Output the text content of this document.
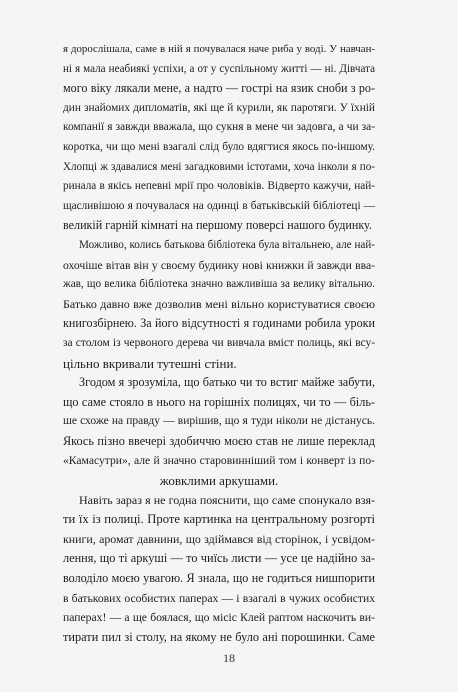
я дорослішала, саме в ній я почувалася наче риба у воді. У навчан-
ні я мала неабиякі успіхи, а от у суспільному житті — ні. Дівчата
мого віку лякали мене, а надто — гострі на язик сноби з ро-
дин знайомих дипломатів, які ще й курили, як паротяги. У їхній
компанії я завжди вважала, що сукня в мене чи задовга, а чи за-
коротка, чи що мені взагалі слід було вдягтися якось по-іншому.
Хлопці ж здавалися мені загадковими істотами, хоча інколи я по-
ринала в якісь непевні мрії про чоловіків. Відверто кажучи, най-
щасливішою я почувалася на одинці в батьківській бібліотеці —
великій гарній кімнаті на першому поверсі нашого будинку.
Можливо, колись батькова бібліотека була вітальнею, але най-
охочіше вітав він у своєму будинку нові книжки й завжди вва-
жав, що велика бібліотека значно важливіша за велику вітальню.
Батько давно вже дозволив мені вільно користуватися своєю
книгозбірнею. За його відсутності я годинами робила уроки
за столом із червоного дерева чи вивчала вміст полиць, які всу-
цільно вкривали тутешні стіни.
Згодом я зрозуміла, що батько чи то встиг майже забути,
що саме стояло в нього на горішніх полицях, чи то — біль-
ше схоже на правду — вирішив, що я туди ніколи не дістанусь.
Якось пізно ввечері здобиччю моєю став не лише переклад
«Камасутри», але й значно старовинніший том і конверт із по-
жовклими аркушами.
Навіть зараз я не годна пояснити, що саме спонукало взя-
ти їх із полиці. Проте картинка на центральному розгорті
книги, аромат давнини, що здіймався від сторінок, і усвідом-
лення, що ті аркуші — то чиїсь листи — усе це надійно за-
володіло моєю увагою. Я знала, що не годиться нишпорити
в батькових особистих паперах — і взагалі в чужих особистих
паперах! — а ще боялася, що місіс Клей раптом наскочить ви-
тирати пил зі столу, на якому не було ані порошинки. Саме
18
